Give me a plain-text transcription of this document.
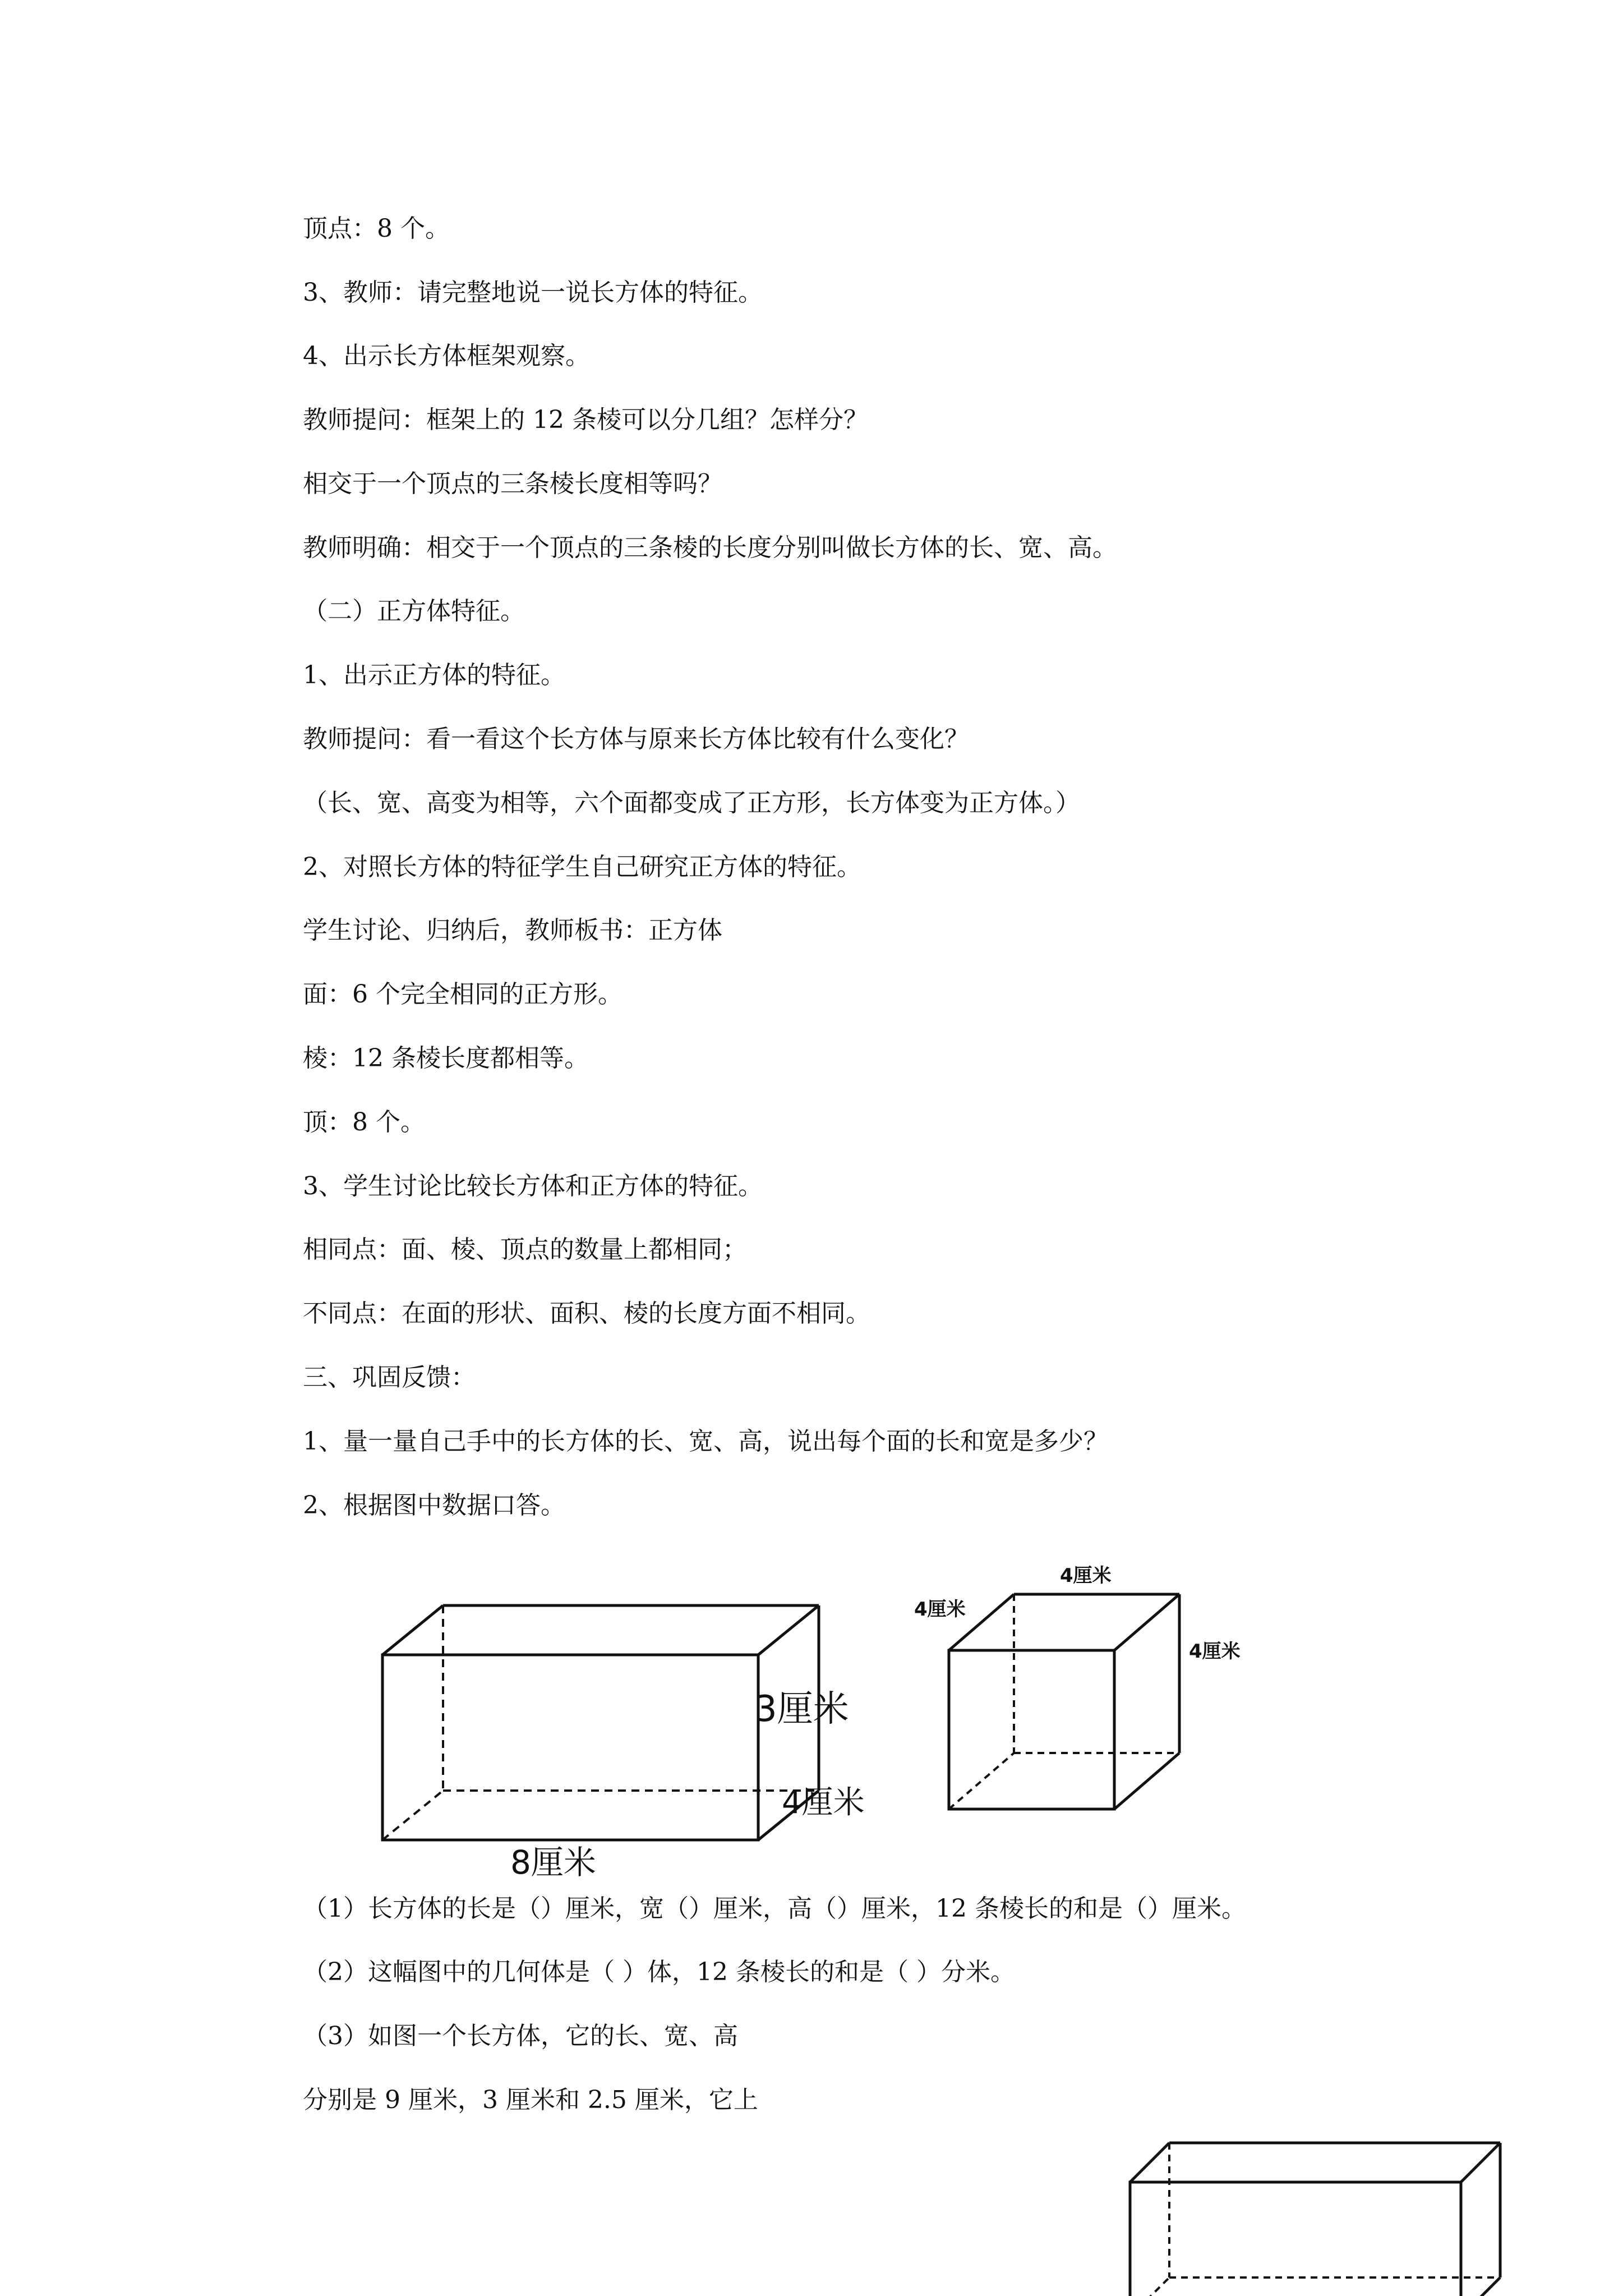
顶点：8 个。
3、教师：请完整地说一说长方体的特征。
4、出示长方体框架观察。
教师提问：框架上的 12 条棱可以分几组？怎样分？
相交于一个顶点的三条棱长度相等吗？
教师明确：相交于一个顶点的三条棱的长度分别叫做长方体的长、宽、高。
（二）正方体特征。
1、出示正方体的特征。
教师提问：看一看这个长方体与原来长方体比较有什么变化？
（长、宽、高变为相等，六个面都变成了正方形，长方体变为正方体。）
2、对照长方体的特征学生自己研究正方体的特征。
学生讨论、归纳后，教师板书：正方体
面：6 个完全相同的正方形。
棱：12 条棱长度都相等。
顶：8 个。
3、学生讨论比较长方体和正方体的特征。
相同点：面、棱、顶点的数量上都相同；
不同点：在面的形状、面积、棱的长度方面不相同。
三、巩固反馈：
1、量一量自己手中的长方体的长、宽、高，说出每个面的长和宽是多少？
2、根据图中数据口答。
3厘米
4厘米
8厘米
4厘米
4厘米
4厘米
（1）长方体的长是（）厘米，宽（）厘米，高（）厘米，12 条棱长的和是（）厘米。
（2）这幅图中的几何体是（ ）体，12 条棱长的和是（ ）分米。
（3）如图一个长方体，它的长、宽、高
分别是 9 厘米，3 厘米和 2.5 厘米，它上
